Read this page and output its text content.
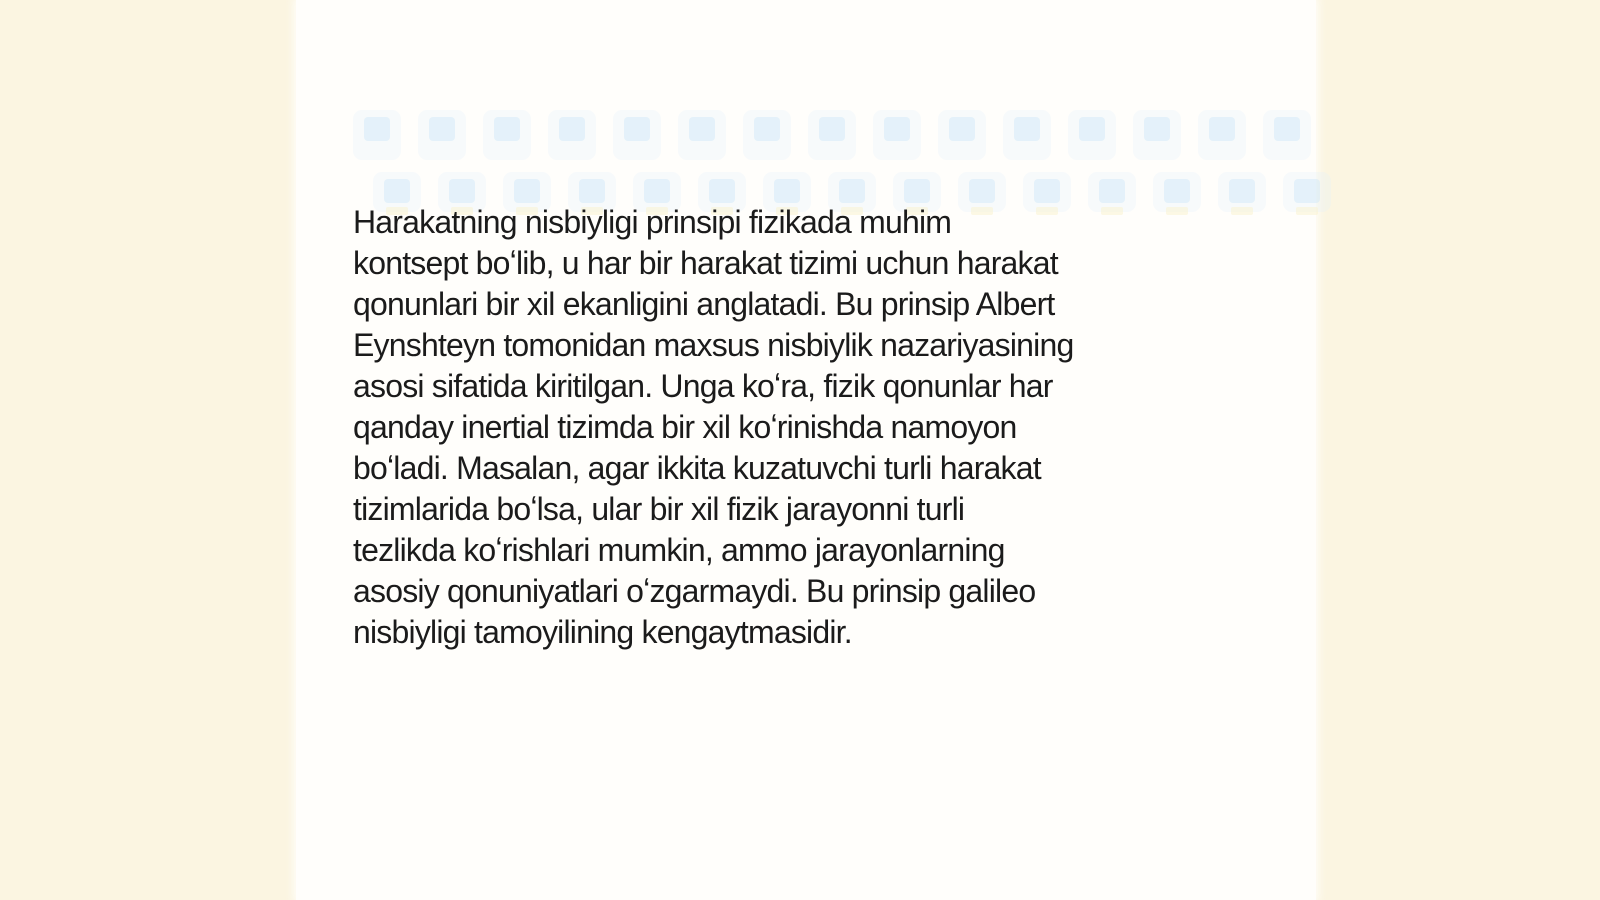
Harakatning nisbiyligi prinsipi fizikada muhim
kontsept boʻlib, u har bir harakat tizimi uchun harakat
qonunlari bir xil ekanligini anglatadi. Bu prinsip Albert
Eynshteyn tomonidan maxsus nisbiylik nazariyasining
asosi sifatida kiritilgan. Unga koʻra, fizik qonunlar har
qanday inertial tizimda bir xil koʻrinishda namoyon
boʻladi. Masalan, agar ikkita kuzatuvchi turli harakat
tizimlarida boʻlsa, ular bir xil fizik jarayonni turli
tezlikda koʻrishlari mumkin, ammo jarayonlarning
asosiy qonuniyatlari oʻzgarmaydi. Bu prinsip galileo
nisbiyligi tamoyilining kengaytmasidir.
